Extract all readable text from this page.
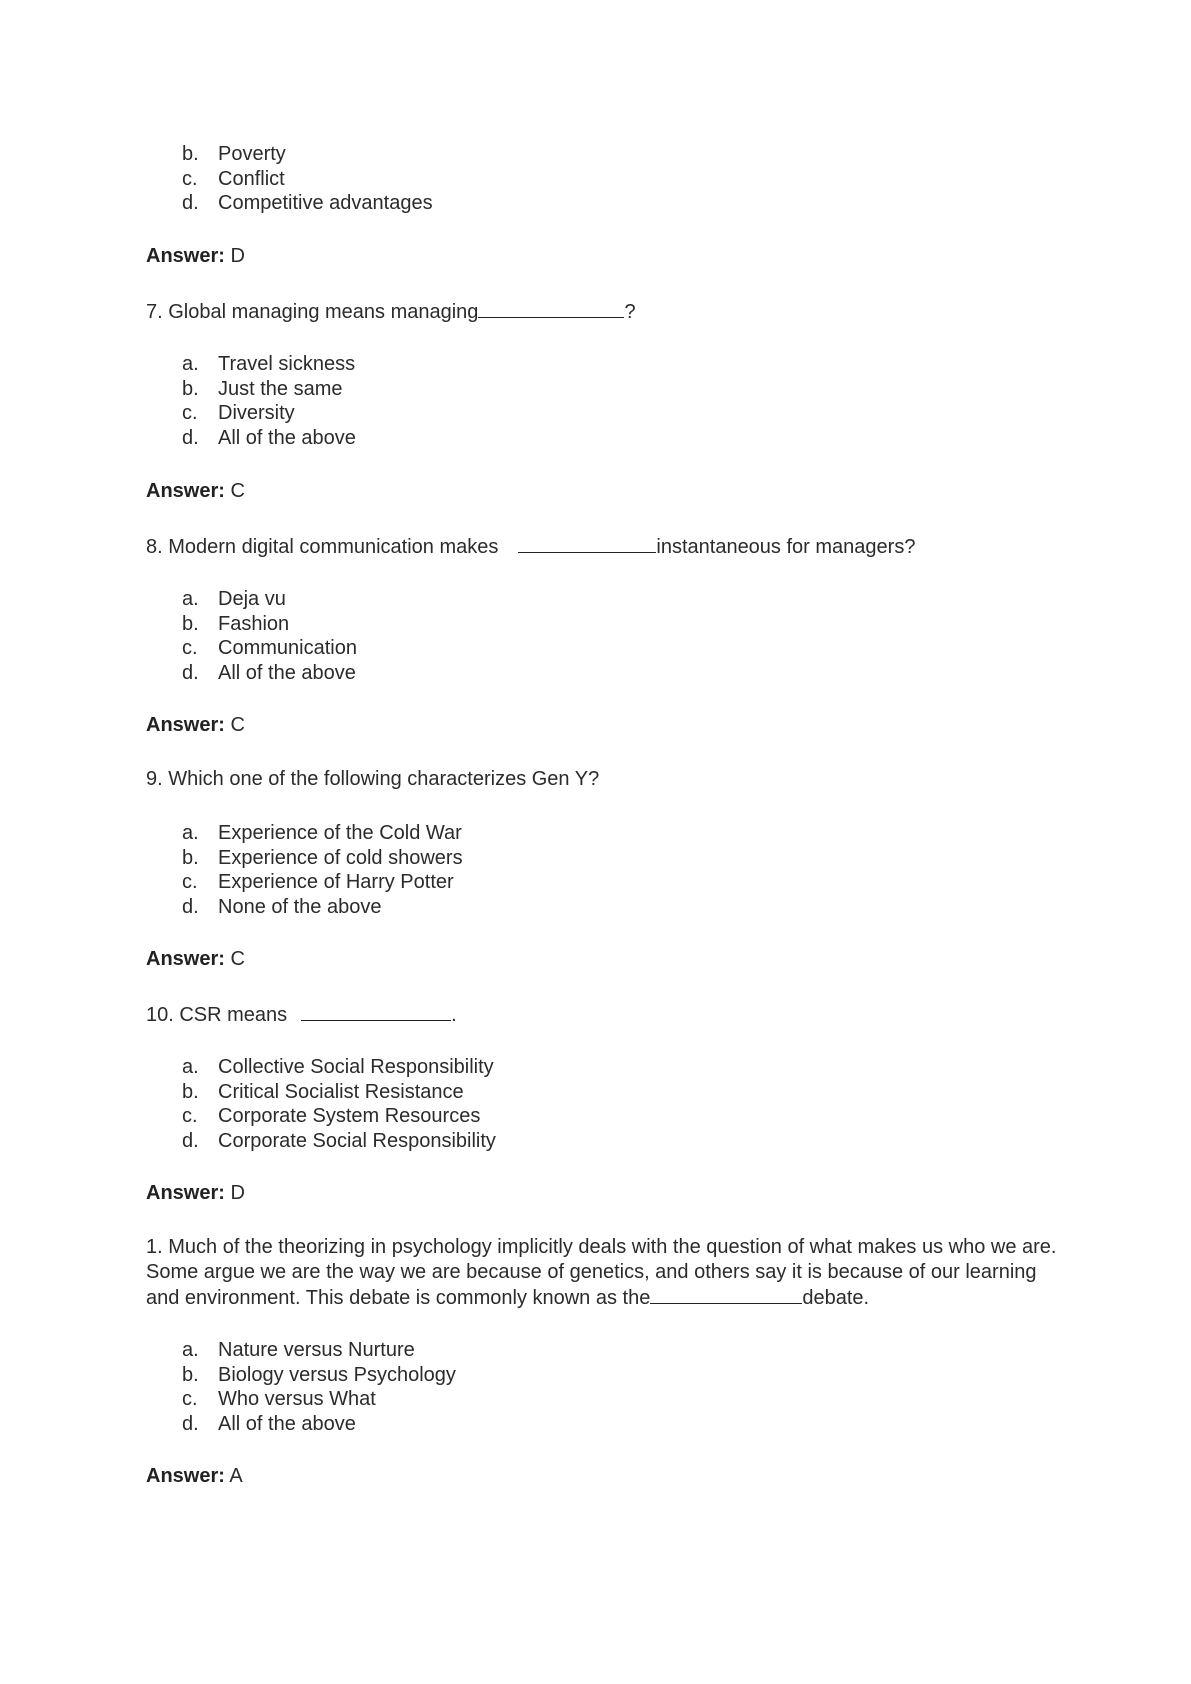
b. Poverty
c. Conflict
d. Competitive advantages
Answer: D
7. Global managing means managing	?
a. Travel sickness
b. Just the same
c. Diversity
d. All of the above
Answer: C
8. Modern digital communication makes	instantaneous for managers?
a. Deja vu
b. Fashion
c. Communication
d. All of the above
Answer: C
9. Which one of the following characterizes Gen Y?
a. Experience of the Cold War
b. Experience of cold showers
c. Experience of Harry Potter
d. None of the above
Answer: C
10. CSR means	.
a. Collective Social Responsibility
b. Critical Socialist Resistance
c. Corporate System Resources
d. Corporate Social Responsibility
Answer: D
1. Much of the theorizing in psychology implicitly deals with the question of what makes us who we are. Some argue we are the way we are because of genetics, and others say it is because of our learning and environment. This debate is commonly known as the	debate.
a. Nature versus Nurture
b. Biology versus Psychology
c. Who versus What
d. All of the above
Answer: A
